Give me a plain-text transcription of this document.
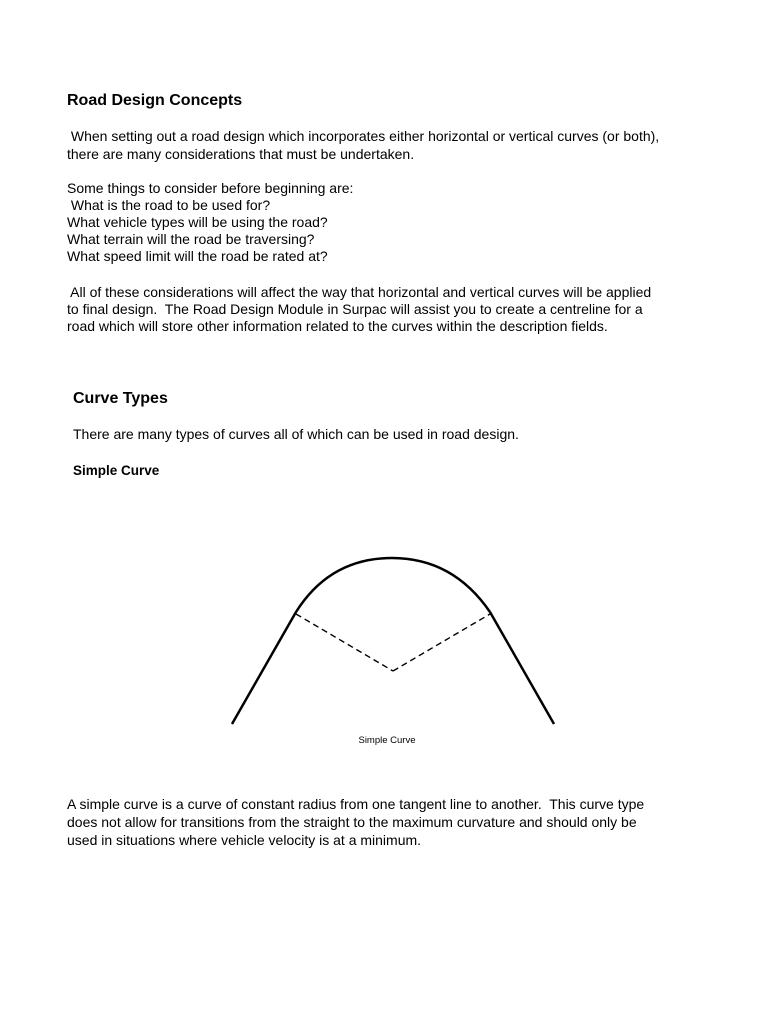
Road Design Concepts

When setting out a road design which incorporates either horizontal or vertical curves (or both),

there are many considerations that must be undertaken.

Some things to consider before beginning are:

What is the road to be used for?

What vehicle types will be using the road?

What terrain will the road be traversing?

What speed limit will the road be rated at?

All of these considerations will affect the way that horizontal and vertical curves will be applied

to final design.  The Road Design Module in Surpac will assist you to create a centreline for a

road which will store other information related to the curves within the description fields.

Curve Types

There are many types of curves all of which can be used in road design.

Simple Curve
Simple Curve

A simple curve is a curve of constant radius from one tangent line to another.  This curve type

does not allow for transitions from the straight to the maximum curvature and should only be

used in situations where vehicle velocity is at a minimum.
